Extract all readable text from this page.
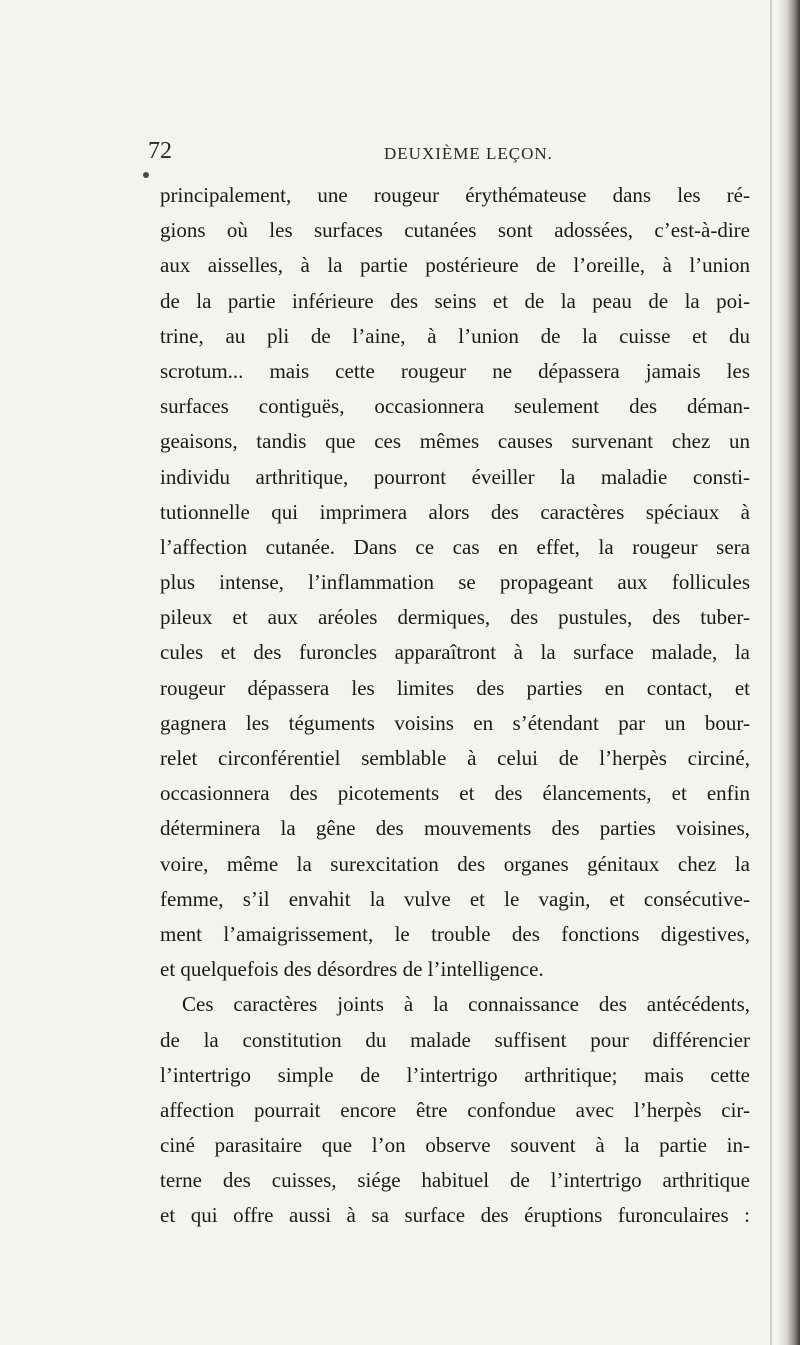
72	DEUXIÈME LEÇON.
principalement, une rougeur érythémateuse dans les ré-
gions où les surfaces cutanées sont adossées, c’est-à-dire
aux aisselles, à la partie postérieure de l’oreille, à l’union
de la partie inférieure des seins et de la peau de la poi-
trine, au pli de l’aine, à l’union de la cuisse et du
scrotum... mais cette rougeur ne dépassera jamais les
surfaces contiguës, occasionnera seulement des déman-
geaisons, tandis que ces mêmes causes survenant chez un
individu arthritique, pourront éveiller la maladie consti-
tutionnelle qui imprimera alors des caractères spéciaux à
l’affection cutanée. Dans ce cas en effet, la rougeur sera
plus intense, l’inflammation se propageant aux follicules
pileux et aux aréoles dermiques, des pustules, des tuber-
cules et des furoncles apparaîtront à la surface malade, la
rougeur dépassera les limites des parties en contact, et
gagnera les téguments voisins en s’étendant par un bour-
relet circonférentiel semblable à celui de l’herpès circiné,
occasionnera des picotements et des élancements, et enfin
déterminera la gêne des mouvements des parties voisines,
voire, même la surexcitation des organes génitaux chez la
femme, s’il envahit la vulve et le vagin, et consécutive-
ment l’amaigrissement, le trouble des fonctions digestives,
et quelquefois des désordres de l’intelligence.
Ces caractères joints à la connaissance des antécédents,
de la constitution du malade suffisent pour différencier
l’intertrigo simple de l’intertrigo arthritique; mais cette
affection pourrait encore être confondue avec l’herpès cir-
ciné parasitaire que l’on observe souvent à la partie in-
terne des cuisses, siége habituel de l’intertrigo arthritique
et qui offre aussi à sa surface des éruptions furonculaires :
